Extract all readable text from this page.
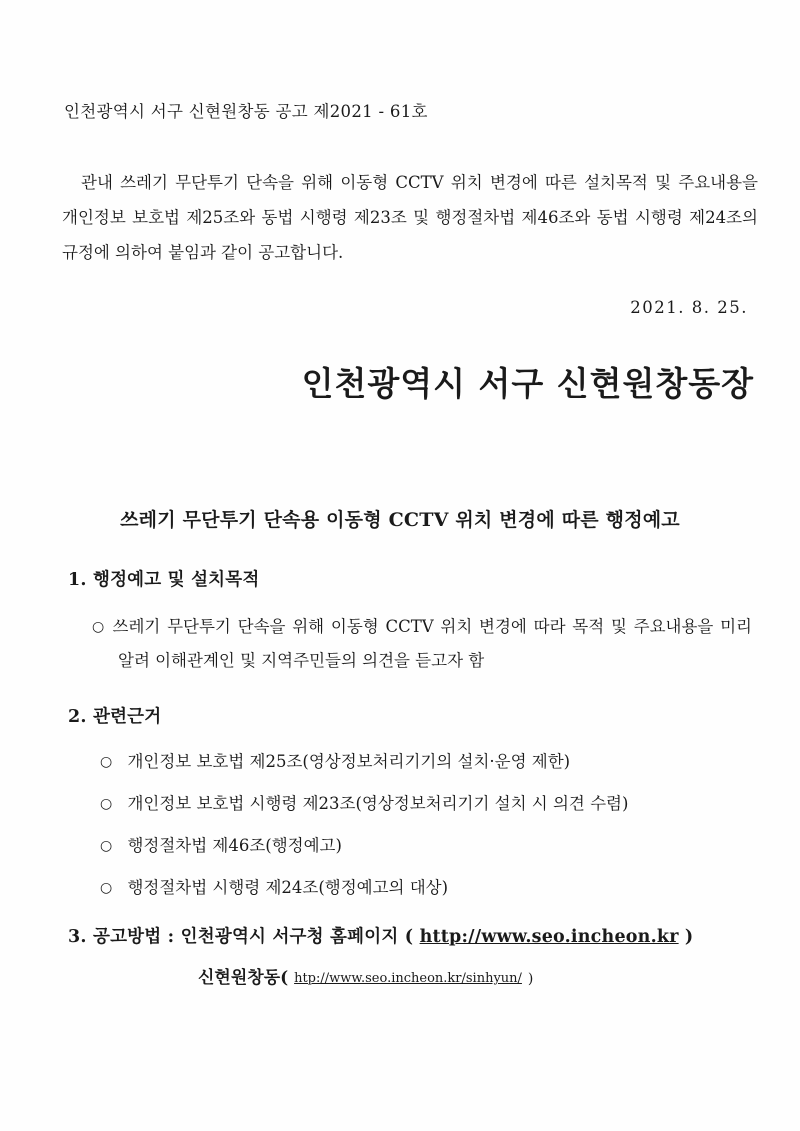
인천광역시 서구 신현원창동 공고 제2021 - 61호
관내 쓰레기 무단투기 단속을 위해 이동형 CCTV 위치 변경에 따른 설치목적 및 주요내용을 개인정보 보호법 제25조와 동법 시행령 제23조 및 행정절차법 제46조와 동법 시행령 제24조의 규정에 의하여 붙임과 같이 공고합니다.
2021. 8. 25.
인천광역시 서구 신현원창동장
쓰레기 무단투기 단속용 이동형 CCTV 위치 변경에 따른 행정예고
1. 행정예고 및 설치목적
○ 쓰레기 무단투기 단속을 위해 이동형 CCTV 위치 변경에 따라 목적 및 주요내용을 미리 알려 이해관계인 및 지역주민들의 의견을 듣고자 함
2. 관련근거
○ 개인정보 보호법 제25조(영상정보처리기기의 설치·운영 제한)
○ 개인정보 보호법 시행령 제23조(영상정보처리기기 설치 시 의견 수렴)
○ 행정절차법 제46조(행정예고)
○ 행정절차법 시행령 제24조(행정예고의 대상)
3. 공고방법 : 인천광역시 서구청 홈페이지 ( http://www.seo.incheon.kr )
신현원창동( htp://www.seo.incheon.kr/sinhyun/ )
